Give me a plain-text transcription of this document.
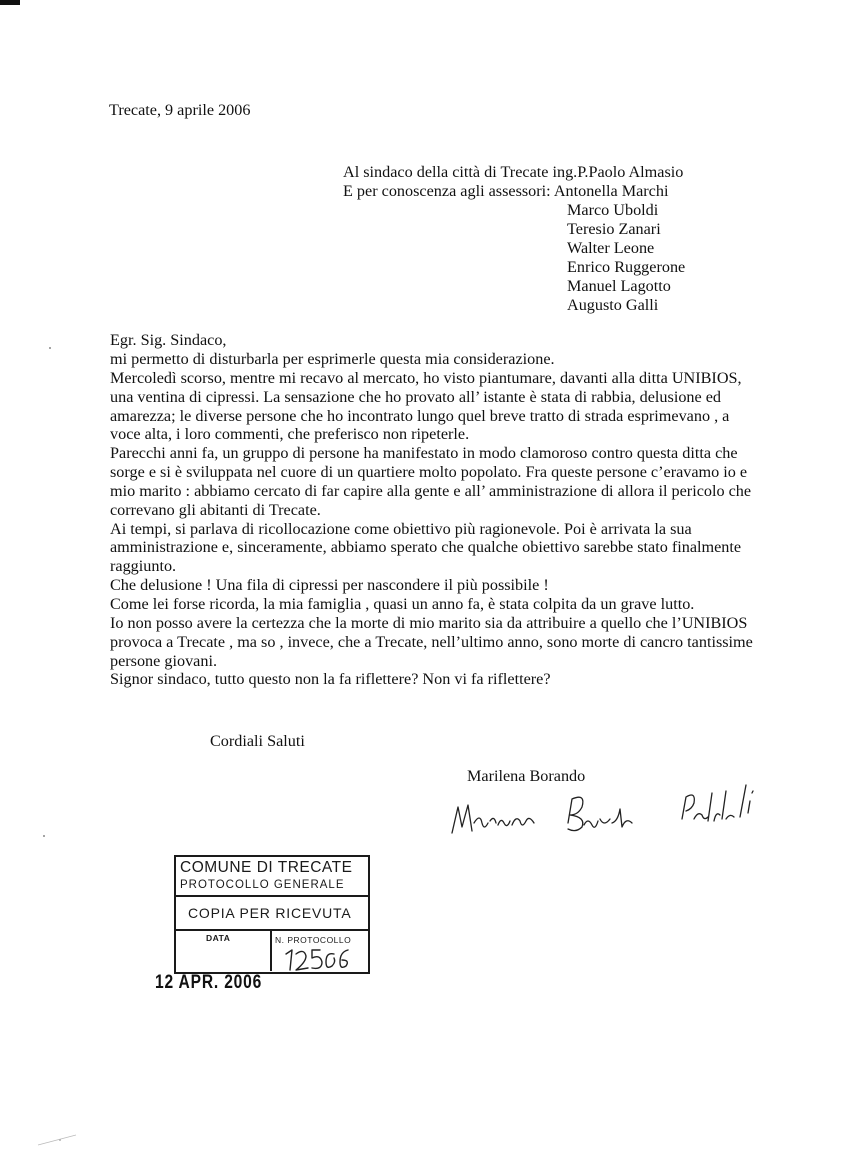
Trecate, 9 aprile 2006
Al sindaco della città di Trecate ing.P.Paolo Almasio
E per conoscenza agli assessori: Antonella Marchi
Marco Uboldi
Teresio Zanari
Walter Leone
Enrico Ruggerone
Manuel Lagotto
Augusto Galli
Egr. Sig. Sindaco,
mi permetto di disturbarla per esprimerle questa mia considerazione.
Mercoledì scorso, mentre mi recavo al mercato, ho visto piantumare, davanti alla ditta UNIBIOS,
una ventina di cipressi. La sensazione che ho provato all’ istante è stata di rabbia, delusione ed
amarezza; le diverse persone che ho incontrato lungo quel breve tratto di strada esprimevano , a
voce alta, i loro commenti, che preferisco non ripeterle.
Parecchi anni fa, un gruppo di persone ha manifestato in modo clamoroso contro questa ditta che
sorge e si è sviluppata nel cuore di un quartiere molto popolato. Fra queste persone c’eravamo io e
mio marito : abbiamo cercato di far capire alla gente e all’ amministrazione di allora il pericolo che
correvano gli abitanti di Trecate.
Ai tempi, si parlava di ricollocazione come obiettivo più ragionevole. Poi è arrivata la sua
amministrazione e, sinceramente, abbiamo sperato che qualche obiettivo sarebbe stato finalmente
raggiunto.
Che delusione ! Una fila di cipressi per nascondere il più possibile !
Come lei forse ricorda, la mia famiglia , quasi un anno fa, è stata colpita da un grave lutto.
Io non posso avere la certezza che la morte di mio marito sia da attribuire a quello che l’UNIBIOS
provoca a Trecate , ma so , invece, che a Trecate, nell’ultimo anno, sono morte di cancro tantissime
persone giovani.
Signor sindaco, tutto questo non la fa riflettere? Non vi fa riflettere?
Cordiali Saluti
Marilena Borando
COMUNE DI TRECATE
PROTOCOLLO GENERALE
COPIA PER RICEVUTA
DATA	N. PROTOCOLLO
12 APR. 2006
